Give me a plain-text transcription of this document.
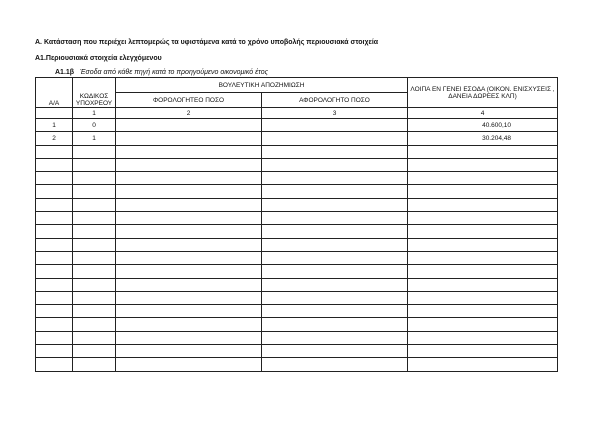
Α. Κατάσταση που περιέχει λεπτομερώς τα υφιστάμενα κατά το χρόνο υποβολής περιουσιακά στοιχεία
Α1.Περιουσιακά στοιχεία ελεγχόμενου
Α1.1β Έσοδα από κάθε πηγή κατά το προηγούμενο οικονομικό έτος
Α/Α	ΚΩΔΙΚΟΣ ΥΠΟΧΡΕΟΥ	ΒΟΥΛΕΥΤΙΚΗ ΑΠΟΖΗΜΙΩΣΗ		ΛΟΙΠΑ ΕΝ ΓΕΝΕΙ ΕΣΟΔΑ (ΟΙΚΟΝ. ΕΝΙΣΧΥΣΕΙΣ , ΔΑΝΕΙΑ ΔΩΡΕΕΣ ΚΛΠ)
		ΦΟΡΟΛΟΓΗΤΕΟ ΠΟΣΟ	ΑΦΟΡΟΛΟΓΗΤΟ ΠΟΣΟ	
	1	2	3	4
1	0			40.600,10
2	1			30.204,48
